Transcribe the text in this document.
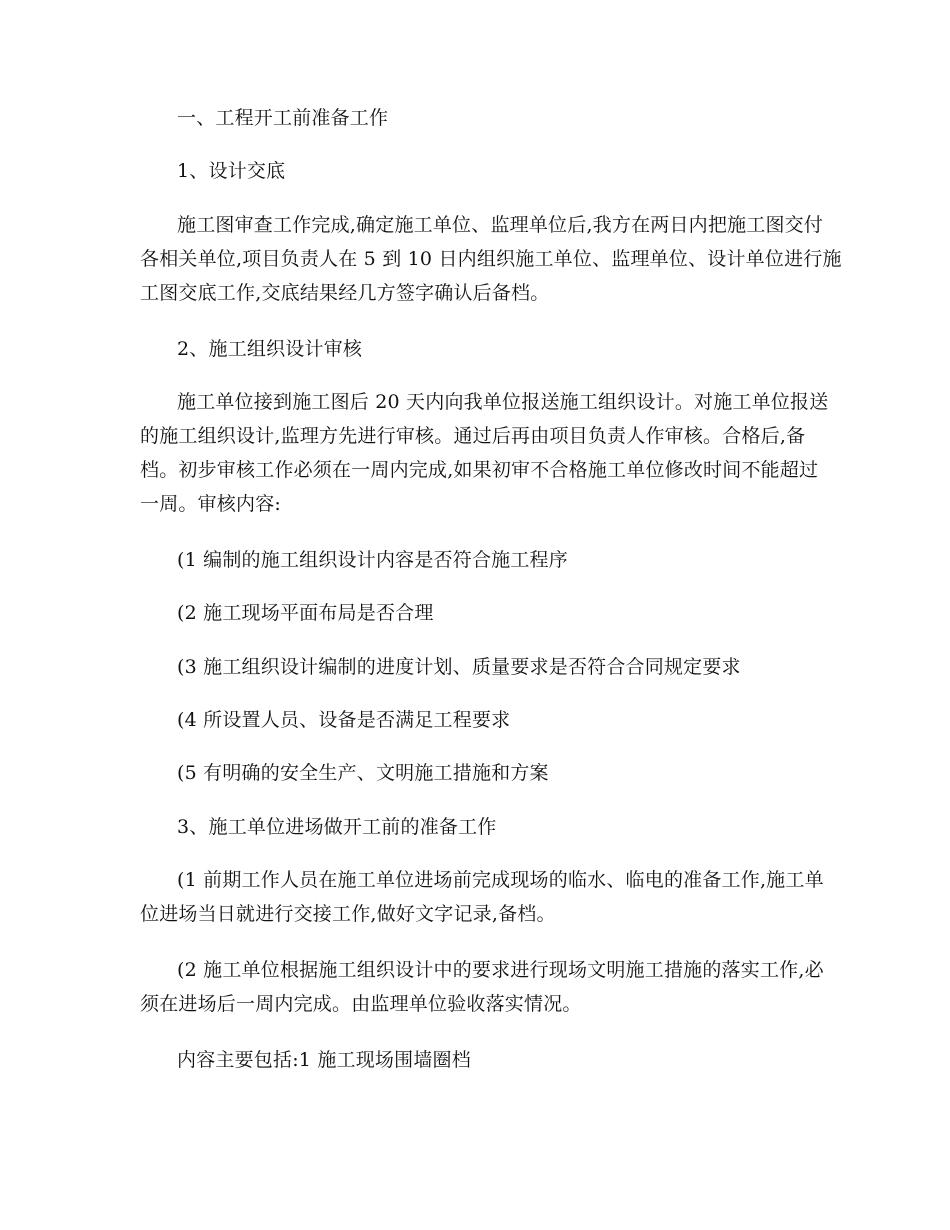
一、工程开工前准备工作

1、设计交底

施工图审查工作完成,确定施工单位、监理单位后,我方在两日内把施工图交付
各相关单位,项目负责人在 5 到 10 日内组织施工单位、监理单位、设计单位进行施
工图交底工作,交底结果经几方签字确认后备档。

2、施工组织设计审核

施工单位接到施工图后 20 天内向我单位报送施工组织设计。对施工单位报送
的施工组织设计,监理方先进行审核。通过后再由项目负责人作审核。合格后,备
档。初步审核工作必须在一周内完成,如果初审不合格施工单位修改时间不能超过
一周。审核内容:

(1 编制的施工组织设计内容是否符合施工程序

(2 施工现场平面布局是否合理

(3 施工组织设计编制的进度计划、质量要求是否符合合同规定要求

(4 所设置人员、设备是否满足工程要求

(5 有明确的安全生产、文明施工措施和方案

3、施工单位进场做开工前的准备工作

(1 前期工作人员在施工单位进场前完成现场的临水、临电的准备工作,施工单
位进场当日就进行交接工作,做好文字记录,备档。

(2 施工单位根据施工组织设计中的要求进行现场文明施工措施的落实工作,必
须在进场后一周内完成。由监理单位验收落实情况。

内容主要包括:1 施工现场围墙圈档
